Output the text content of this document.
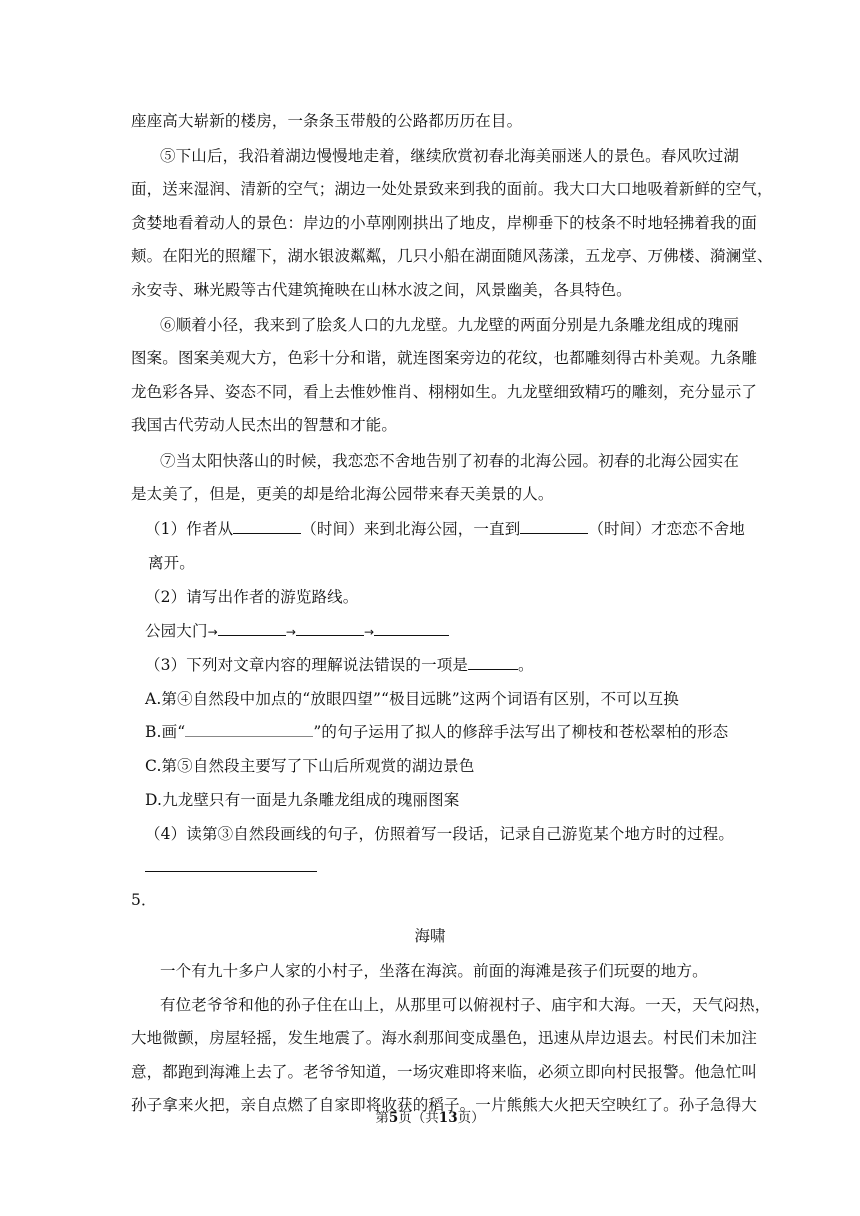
座座高大崭新的楼房，一条条玉带般的公路都历历在目。
⑤下山后，我沿着湖边慢慢地走着，继续欣赏初春北海美丽迷人的景色。春风吹过湖
面，送来湿润、清新的空气；湖边一处处景致来到我的面前。我大口大口地吸着新鲜的空气，
贪婪地看着动人的景色：岸边的小草刚刚拱出了地皮，岸柳垂下的枝条不时地轻拂着我的面
颊。在阳光的照耀下，湖水银波粼粼，几只小船在湖面随风荡漾，五龙亭、万佛楼、漪澜堂、
永安寺、琳光殿等古代建筑掩映在山林水波之间，风景幽美，各具特色。
⑥顺着小径，我来到了脍炙人口的九龙壁。九龙壁的两面分别是九条雕龙组成的瑰丽
图案。图案美观大方，色彩十分和谐，就连图案旁边的花纹，也都雕刻得古朴美观。九条雕
龙色彩各异、姿态不同，看上去惟妙惟肖、栩栩如生。九龙壁细致精巧的雕刻，充分显示了
我国古代劳动人民杰出的智慧和才能。
⑦当太阳快落山的时候，我恋恋不舍地告别了初春的北海公园。初春的北海公园实在
是太美了，但是，更美的却是给北海公园带来春天美景的人。
（1）作者从	（时间）来到北海公园，一直到	（时间）才恋恋不舍地
离开。
（2）请写出作者的游览路线。
公园大门→	→	→
（3）下列对文章内容的理解说法错误的一项是	。
A.第④自然段中加点的“放眼四望”“极目远眺”这两个词语有区别，不可以互换
B.画“	”的句子运用了拟人的修辞手法写出了柳枝和苍松翠柏的形态
C.第⑤自然段主要写了下山后所观赏的湖边景色
D.九龙壁只有一面是九条雕龙组成的瑰丽图案
（4）读第③自然段画线的句子，仿照着写一段话，记录自己游览某个地方时的过程。
5．
海啸
一个有九十多户人家的小村子，坐落在海滨。前面的海滩是孩子们玩耍的地方。
有位老爷爷和他的孙子住在山上，从那里可以俯视村子、庙宇和大海。一天，天气闷热，
大地微颤，房屋轻摇，发生地震了。海水刹那间变成墨色，迅速从岸边退去。村民们未加注
意，都跑到海滩上去了。老爷爷知道，一场灾难即将来临，必须立即向村民报警。他急忙叫
孙子拿来火把，亲自点燃了自家即将收获的稻子。一片熊熊大火把天空映红了。孙子急得大
第5页（共13页）
